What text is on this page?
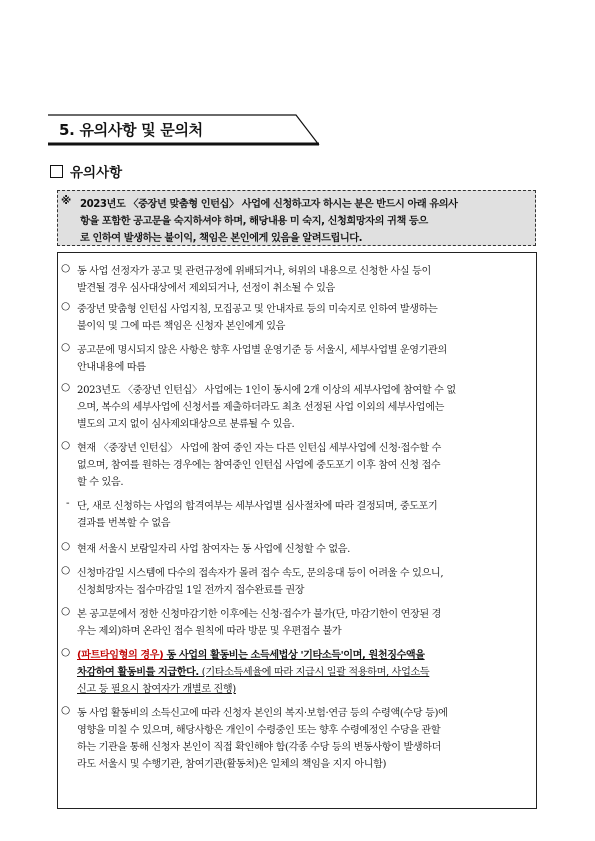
5. 유의사항 및 문의처
유의사항
※ 2023년도 〈중장년 맞춤형 인턴십〉 사업에 신청하고자 하시는 분은 반드시 아래 유의사
항을 포함한 공고문을 숙지하셔야 하며, 해당내용 미 숙지, 신청희망자의 귀책 등으
로 인하여 발생하는 불이익, 책임은 본인에게 있음을 알려드립니다.
○ 동 사업 선정자가 공고 및 관련규정에 위배되거나, 허위의 내용으로 신청한 사실 등이
발견될 경우 심사대상에서 제외되거나, 선정이 취소될 수 있음
○ 중장년 맞춤형 인턴십 사업지침, 모집공고 및 안내자료 등의 미숙지로 인하여 발생하는
불이익 및 그에 따른 책임은 신청자 본인에게 있음
○ 공고문에 명시되지 않은 사항은 향후 사업별 운영기준 등 서울시, 세부사업별 운영기관의
안내내용에 따름
○ 2023년도 〈중장년 인턴십〉 사업에는 1인이 동시에 2개 이상의 세부사업에 참여할 수 없
으며, 복수의 세부사업에 신청서를 제출하더라도 최초 선정된 사업 이외의 세부사업에는
별도의 고지 없이 심사제외대상으로 분류될 수 있음.
○ 현재 〈중장년 인턴십〉 사업에 참여 중인 자는 다른 인턴십 세부사업에 신청·접수할 수
없으며, 참여를 원하는 경우에는 참여중인 인턴십 사업에 중도포기 이후 참여 신청 접수
할 수 있음.
- 단, 새로 신청하는 사업의 합격여부는 세부사업별 심사절차에 따라 결정되며, 중도포기
결과를 번복할 수 없음
○ 현재 서울시 보람일자리 사업 참여자는 동 사업에 신청할 수 없음.
○ 신청마감일 시스템에 다수의 접속자가 몰려 접수 속도, 문의응대 등이 어려울 수 있으니,
신청희망자는 접수마감일 1일 전까지 접수완료를 권장
○ 본 공고문에서 정한 신청마감기한 이후에는 신청·접수가 불가(단, 마감기한이 연장된 경
우는 제외)하며 온라인 접수 원칙에 따라 방문 및 우편접수 불가
○ (파트타임형의 경우) 동 사업의 활동비는 소득세법상 '기타소득'이며, 원천징수액을
차감하여 활동비를 지급한다. (기타소득세율에 따라 지급시 일괄 적용하며, 사업소득
신고 등 필요시 참여자가 개별로 진행)
○ 동 사업 활동비의 소득신고에 따라 신청자 본인의 복지·보험·연금 등의 수령액(수당 등)에
영향을 미칠 수 있으며, 해당사항은 개인이 수령중인 또는 향후 수령예정인 수당을 관할
하는 기관을 통해 신청자 본인이 직접 확인해야 함(각종 수당 등의 변동사항이 발생하더
라도 서울시 및 수행기관, 참여기관(활동처)은 일체의 책임을 지지 아니함)
